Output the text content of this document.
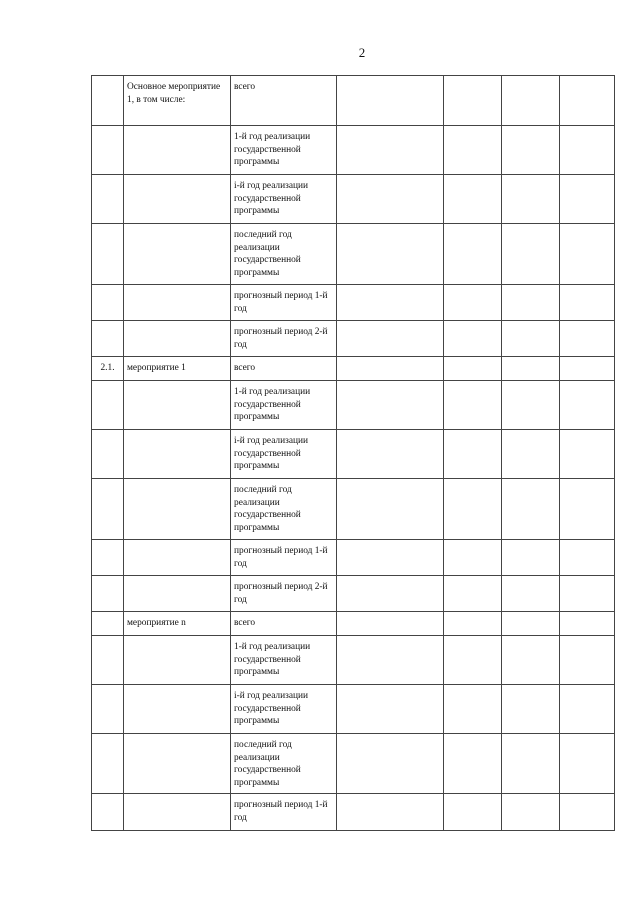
2
	Основное мероприятие 1, в том числе:	всего					
		1-й год реализации государственной программы					
		i-й год реализации государственной программы					
		последний год реализации государственной программы					
		прогнозный период 1-й год					
		прогнозный период 2-й год					
2.1.	мероприятие 1	всего					
		1-й год реализации государственной программы					
		i-й год реализации государственной программы					
		последний год реализации государственной программы					
		прогнозный период 1-й год					
		прогнозный период 2-й год					
	мероприятие n	всего					
		1-й год реализации государственной программы					
		i-й год реализации государственной программы					
		последний год реализации государственной программы					
		прогнозный период 1-й год					
